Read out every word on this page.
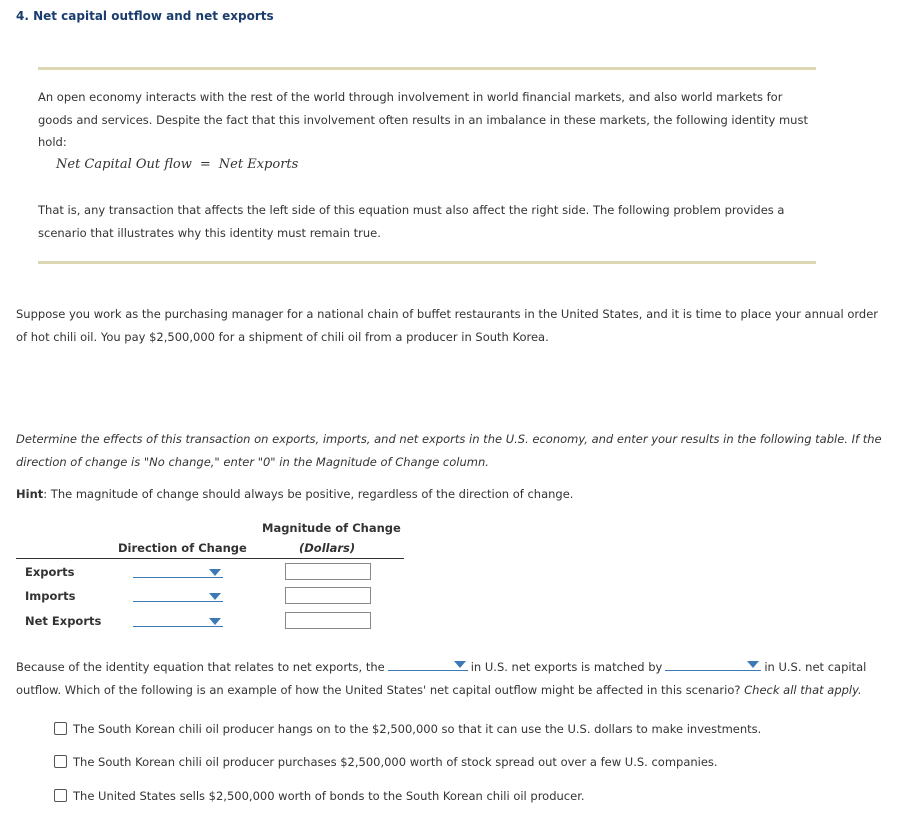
4. Net capital outflow and net exports
An open economy interacts with the rest of the world through involvement in world financial markets, and also world markets for goods and services. Despite the fact that this involvement often results in an imbalance in these markets, the following identity must hold:
Net Capital Out flow = Net Exports
That is, any transaction that affects the left side of this equation must also affect the right side. The following problem provides a scenario that illustrates why this identity must remain true.
Suppose you work as the purchasing manager for a national chain of buffet restaurants in the United States, and it is time to place your annual order of hot chili oil. You pay $2,500,000 for a shipment of chili oil from a producer in South Korea.
Determine the effects of this transaction on exports, imports, and net exports in the U.S. economy, and enter your results in the following table. If the direction of change is "No change," enter "0" in the Magnitude of Change column.
Hint: The magnitude of change should always be positive, regardless of the direction of change.
Direction of Change
Magnitude of Change
(Dollars)
Exports
Imports
Net Exports
Because of the identity equation that relates to net exports, the	in U.S. net exports is matched by	in U.S. net capital outflow. Which of the following is an example of how the United States' net capital outflow might be affected in this scenario? Check all that apply.
The South Korean chili oil producer hangs on to the $2,500,000 so that it can use the U.S. dollars to make investments.
The South Korean chili oil producer purchases $2,500,000 worth of stock spread out over a few U.S. companies.
The United States sells $2,500,000 worth of bonds to the South Korean chili oil producer.
